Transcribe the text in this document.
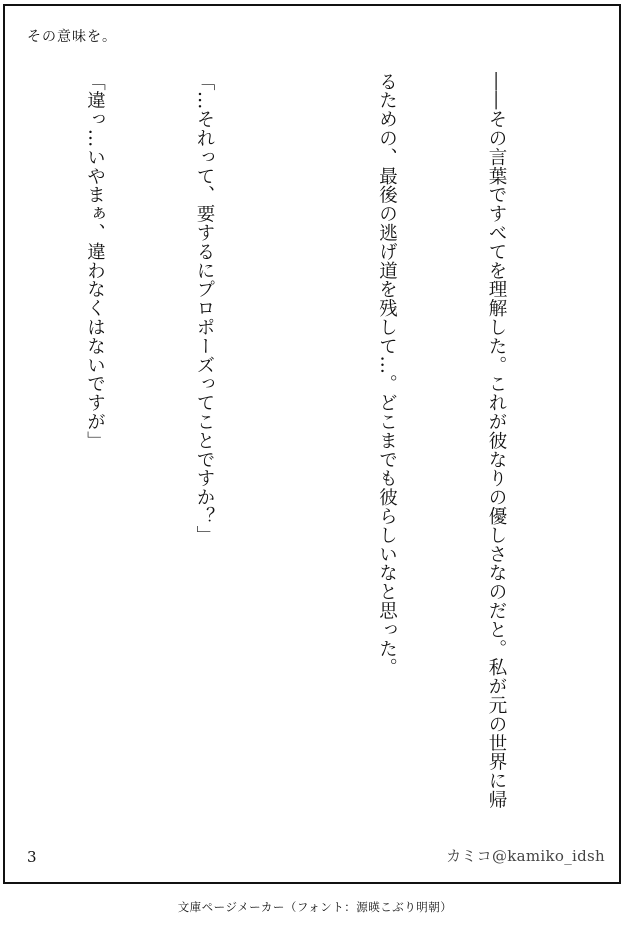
その意味を。

――その言葉ですべてを理解した。これが彼なりの優しさなのだと。私が元の世界に帰

るための、最後の逃げ道を残して…。どこまでも彼らしいなと思った。

「…それって、要するにプロポーズってことですか？」

「違っ…いやまぁ、違わなくはないですが」

3	カミコ@kamiko_idsh
文庫ページメーカー（フォント：源暎こぶり明朝）
